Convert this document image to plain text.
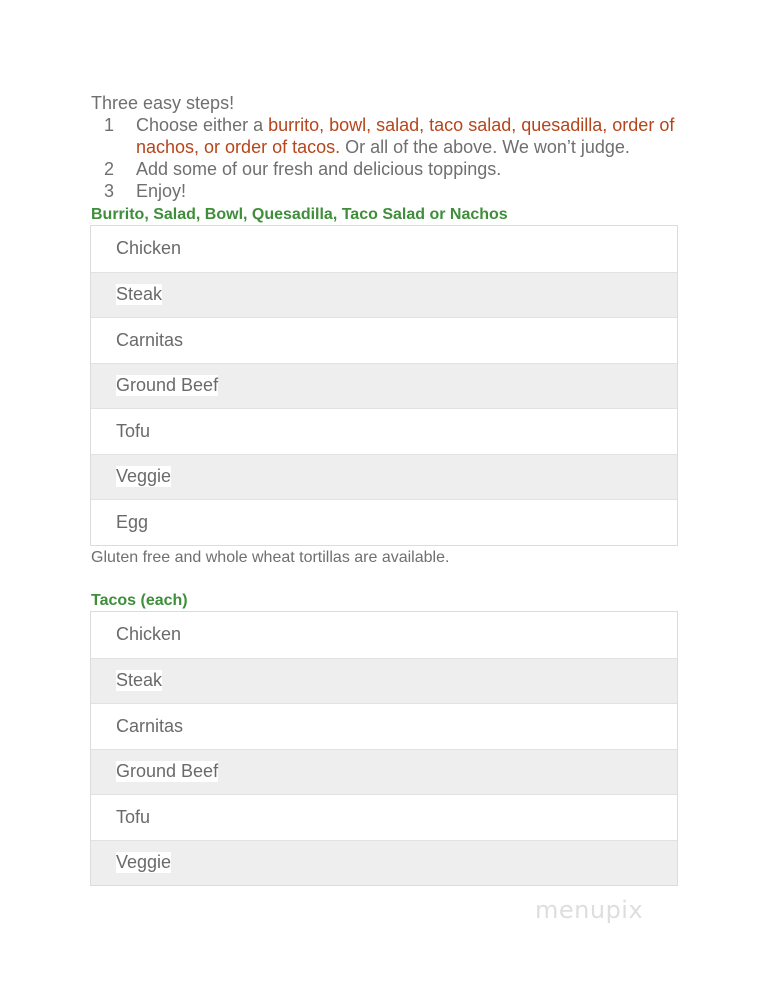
Three easy steps!
1	Choose either a burrito, bowl, salad, taco salad, quesadilla, order of nachos, or order of tacos. Or all of the above. We won’t judge.
2	Add some of our fresh and delicious toppings.
3	Enjoy!
Burrito, Salad, Bowl, Quesadilla, Taco Salad or Nachos
Chicken
Steak
Carnitas
Ground Beef
Tofu
Veggie
Egg
Gluten free and whole wheat tortillas are available.
Tacos (each)
Chicken
Steak
Carnitas
Ground Beef
Tofu
Veggie
menupix
